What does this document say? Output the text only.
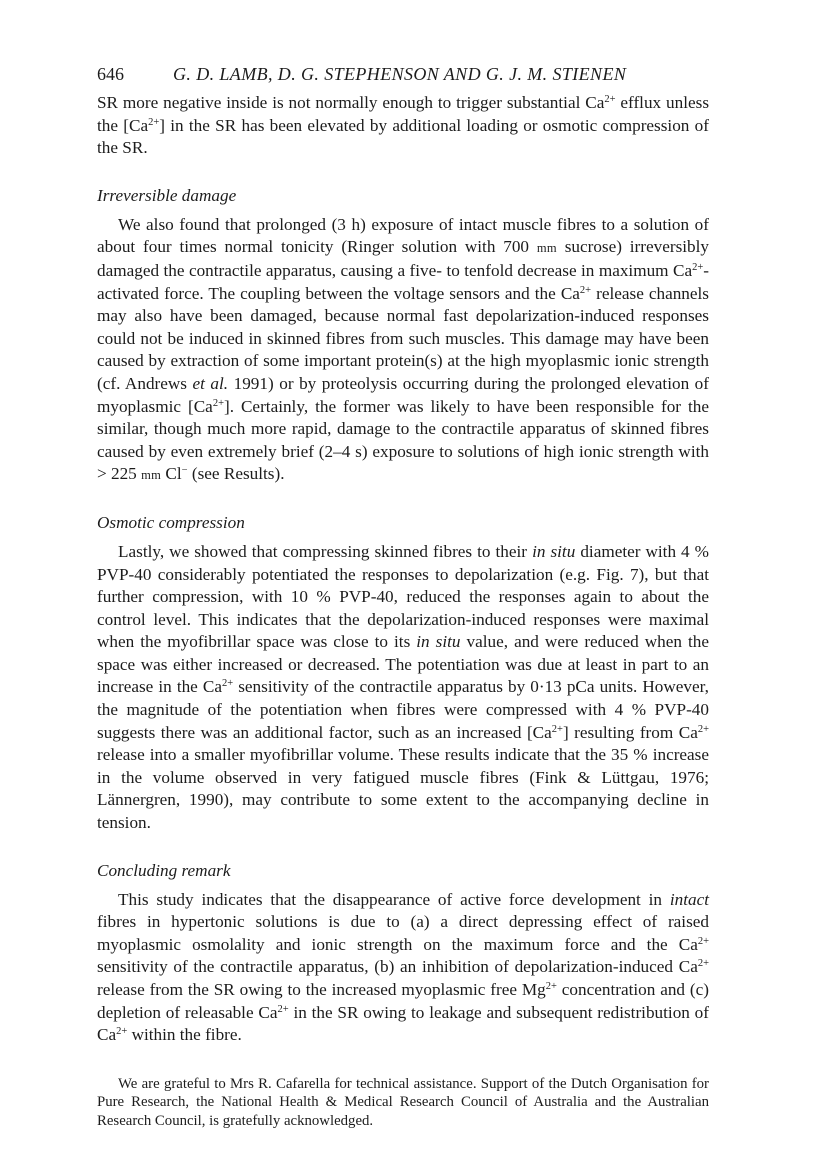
646	G. D. LAMB, D. G. STEPHENSON AND G. J. M. STIENEN

SR more negative inside is not normally enough to trigger substantial $Ca^{2+}$ efflux unless the $[Ca^{2+}]$ in the SR has been elevated by additional loading or osmotic compression of the SR.

Irreversible damage

We also found that prolonged (3 h) exposure of intact muscle fibres to a solution of about four times normal tonicity (Ringer solution with 700 mm sucrose) irreversibly damaged the contractile apparatus, causing a five- to tenfold decrease in maximum $Ca^{2+}$-activated force. The coupling between the voltage sensors and the $Ca^{2+}$ release channels may also have been damaged, because normal fast depolarization-induced responses could not be induced in skinned fibres from such muscles. This damage may have been caused by extraction of some important protein(s) at the high myoplasmic ionic strength (cf. Andrews et al. 1991) or by proteolysis occurring during the prolonged elevation of myoplasmic $[Ca^{2+}]$. Certainly, the former was likely to have been responsible for the similar, though much more rapid, damage to the contractile apparatus of skinned fibres caused by even extremely brief (2–4 s) exposure to solutions of high ionic strength with > 225 mm Cl− (see Results).

Osmotic compression

Lastly, we showed that compressing skinned fibres to their in situ diameter with 4 % PVP-40 considerably potentiated the responses to depolarization (e.g. Fig. 7), but that further compression, with 10 % PVP-40, reduced the responses again to about the control level. This indicates that the depolarization-induced responses were maximal when the myofibrillar space was close to its in situ value, and were reduced when the space was either increased or decreased. The potentiation was due at least in part to an increase in the $Ca^{2+}$ sensitivity of the contractile apparatus by 0·13 pCa units. However, the magnitude of the potentiation when fibres were compressed with 4 % PVP-40 suggests there was an additional factor, such as an increased $[Ca^{2+}]$ resulting from $Ca^{2+}$ release into a smaller myofibrillar volume. These results indicate that the 35 % increase in the volume observed in very fatigued muscle fibres (Fink & Lüttgau, 1976; Lännergren, 1990), may contribute to some extent to the accompanying decline in tension.

Concluding remark

This study indicates that the disappearance of active force development in intact fibres in hypertonic solutions is due to (a) a direct depressing effect of raised myoplasmic osmolality and ionic strength on the maximum force and the $Ca^{2+}$ sensitivity of the contractile apparatus, (b) an inhibition of depolarization-induced $Ca^{2+}$ release from the SR owing to the increased myoplasmic free $Mg^{2+}$ concentration and (c) depletion of releasable $Ca^{2+}$ in the SR owing to leakage and subsequent redistribution of $Ca^{2+}$ within the fibre.

We are grateful to Mrs R. Cafarella for technical assistance. Support of the Dutch Organisation for Pure Research, the National Health & Medical Research Council of Australia and the Australian Research Council, is gratefully acknowledged.
